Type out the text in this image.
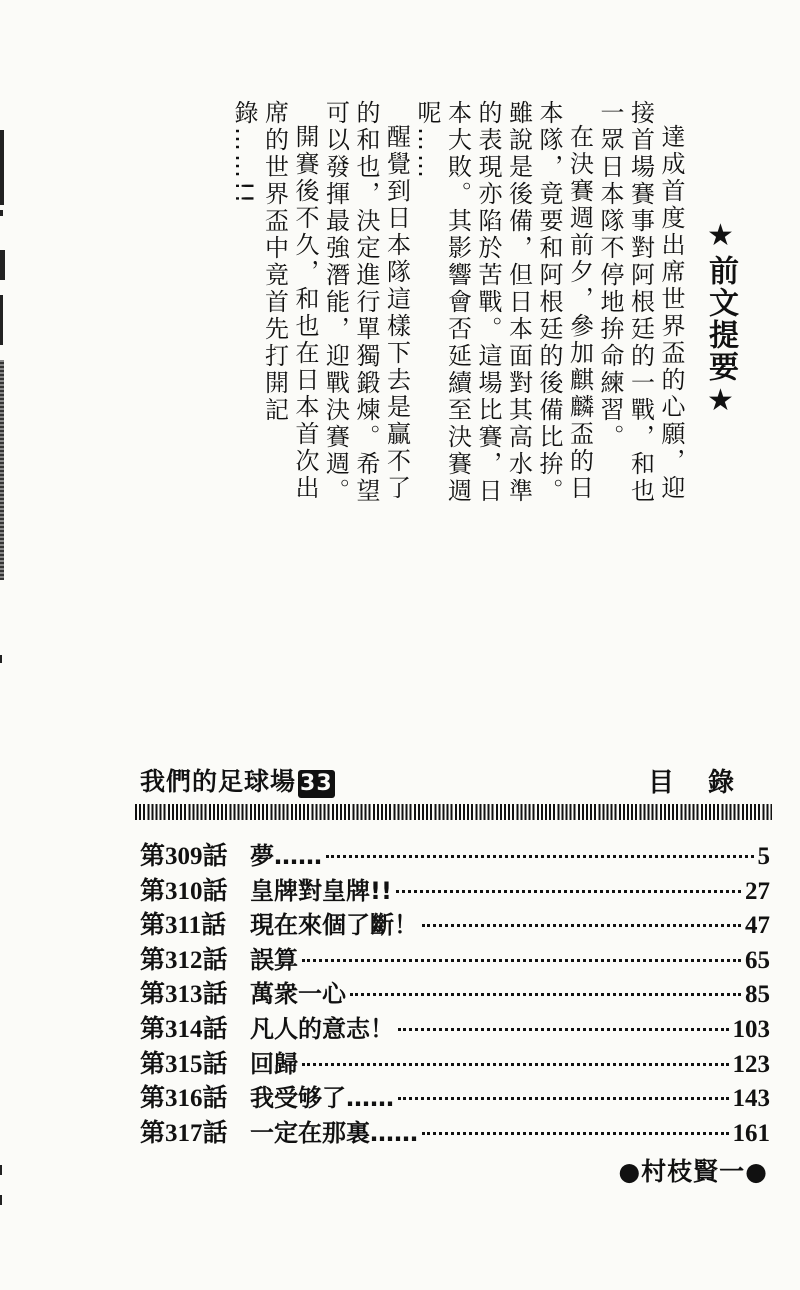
★前文提要★

達成首度出席世界盃的心願，迎接首場賽事對阿根廷的一戰，和也一眾日本隊不停地拚命練習。

在決賽週前夕，參加麒麟盃的日本隊，竟要和阿根廷的後備比拚。雖說是後備，但日本面對其高水準的表現亦陷於苦戰。這場比賽，日本大敗。其影響會否延續至決賽週呢……

醒覺到日本隊這樣下去是贏不了的和也，決定進行單獨鍛煉。希望可以發揮最強潛能，迎戰決賽週。

開賽後不久，和也在日本首次出席的世界盃中竟首先打開記錄……!!

我們的足球場 33	目錄
第309話 夢……	5
第310話 皇牌對皇牌!!	27
第311話 現在來個了斷！	47
第312話 誤算	65
第313話 萬衆一心	85
第314話 凡人的意志！	103
第315話 回歸	123
第316話 我受够了……	143
第317話 一定在那裏……	161
●村枝賢一●
